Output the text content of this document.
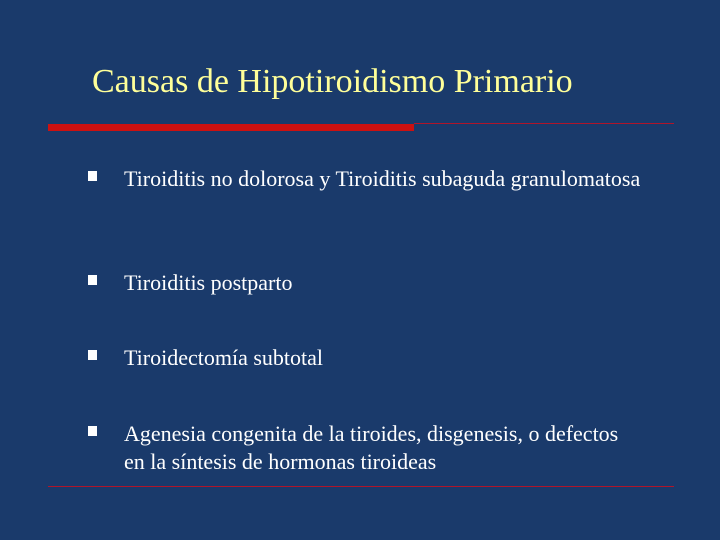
Causas de Hipotiroidismo Primario
Tiroiditis no dolorosa y Tiroiditis subaguda granulomatosa
Tiroiditis postparto
Tiroidectomía subtotal
Agenesia congenita de la tiroides, disgenesis, o defectos en la síntesis de hormonas tiroideas
